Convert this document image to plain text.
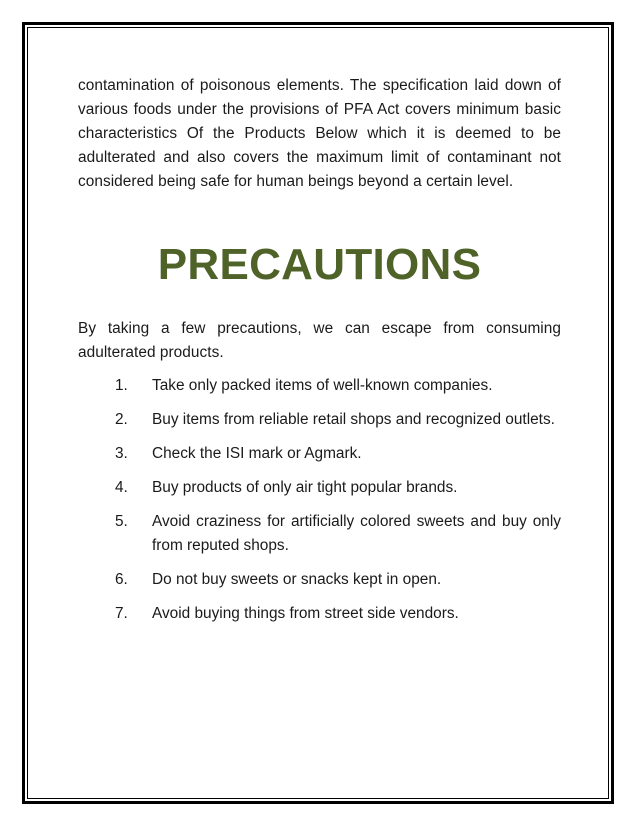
contamination of poisonous elements. The specification laid down of various foods under the provisions of PFA Act covers minimum basic characteristics Of the Products Below which it is deemed to be adulterated and also covers the maximum limit of contaminant not considered being safe for human beings beyond a certain level.

PRECAUTIONS

By taking a few precautions, we can escape from consuming adulterated products.

1.	Take only packed items of well-known companies.
2.	Buy items from reliable retail shops and recognized outlets.
3.	Check the ISI mark or Agmark.
4.	Buy products of only air tight popular brands.
5.	Avoid craziness for artificially colored sweets and buy only from reputed shops.
6.	Do not buy sweets or snacks kept in open.
7.	Avoid buying things from street side vendors.
